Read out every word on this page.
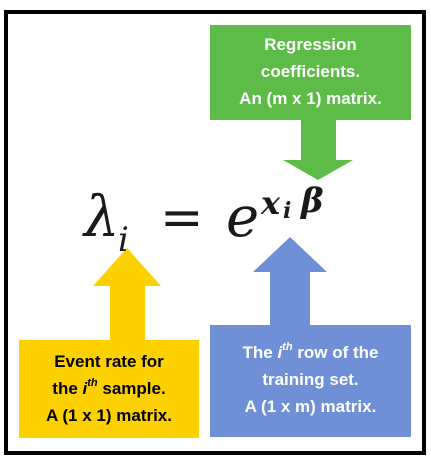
Regression
coefficients.
An (m x 1) matrix.
Event rate for
the $i^{th}$ sample.
A (1 x 1) matrix.
The $i^{th}$ row of the
training set.
A (1 x m) matrix.
λ
i = e x i β
